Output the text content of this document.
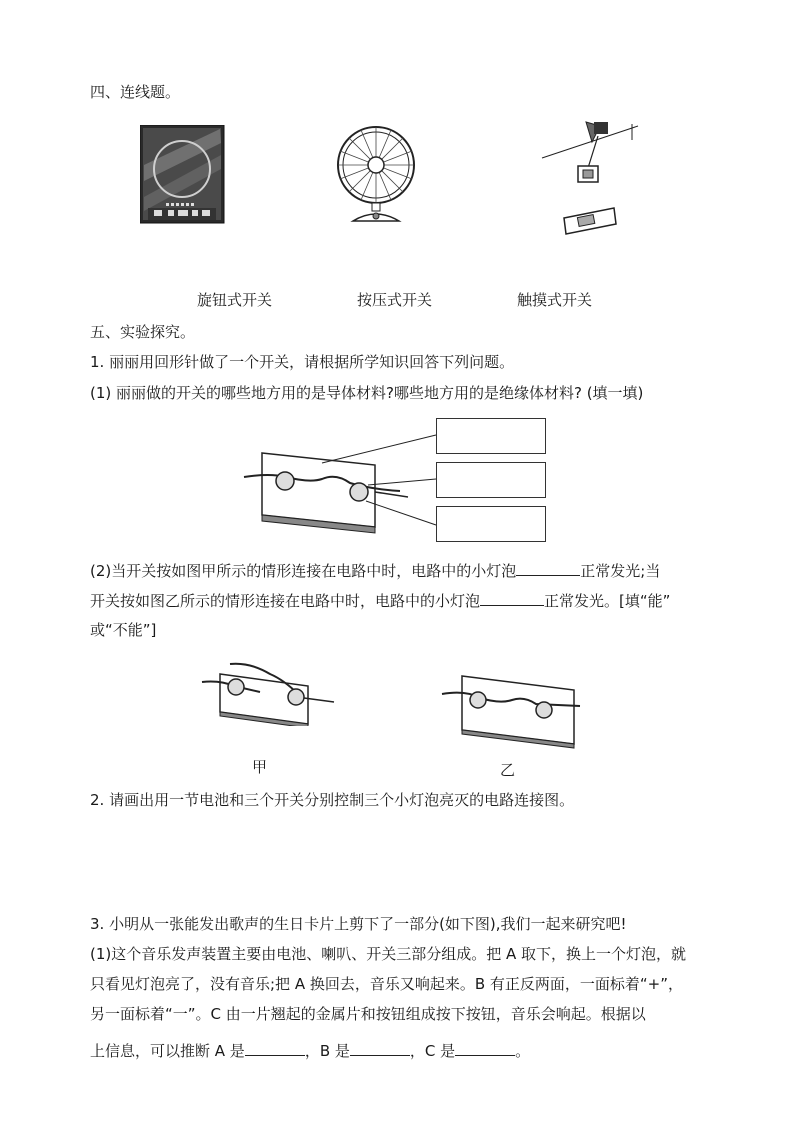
四、连线题。
旋钮式开关	按压式开关	触摸式开关
五、实验探究。
1. 丽丽用回形针做了一个开关，请根据所学知识回答下列问题。
(1) 丽丽做的开关的哪些地方用的是导体材料?哪些地方用的是绝缘体材料? (填一填)
(2)当开关按如图甲所示的情形连接在电路中时，电路中的小灯泡	正常发光;当
开关按如图乙所示的情形连接在电路中时，电路中的小灯泡	正常发光。[填“能”
或“不能”]
甲	乙
2. 请画出用一节电池和三个开关分别控制三个小灯泡亮灭的电路连接图。
3. 小明从一张能发出歌声的生日卡片上剪下了一部分(如下图),我们一起来研究吧!
(1)这个音乐发声装置主要由电池、喇叭、开关三部分组成。把 A 取下，换上一个灯泡，就
只看见灯泡亮了，没有音乐;把 A 换回去，音乐又响起来。B 有正反两面，一面标着“+”，
另一面标着“一”。C 由一片翘起的金属片和按钮组成按下按钮，音乐会响起。根据以
上信息，可以推断 A 是	，B 是	，C 是	。
